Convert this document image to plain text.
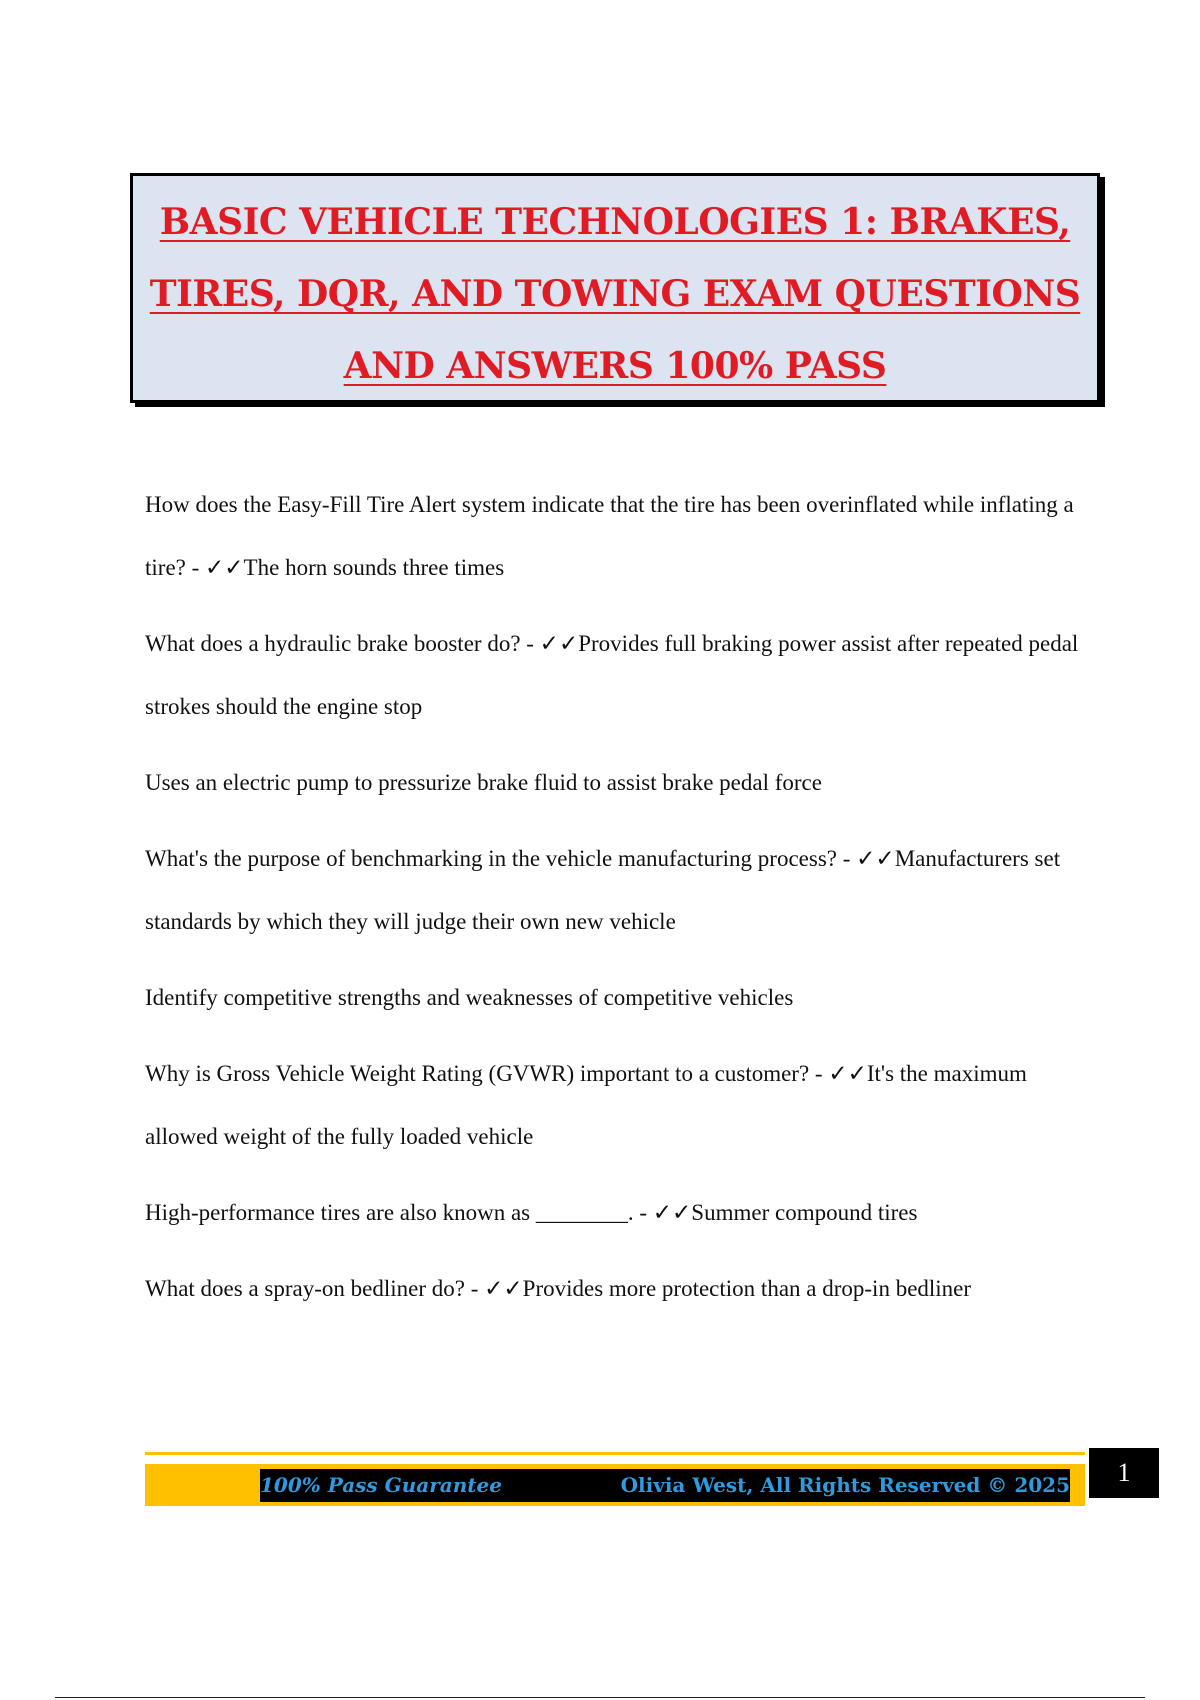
BASIC VEHICLE TECHNOLOGIES 1: BRAKES,
TIRES, DQR, AND TOWING EXAM QUESTIONS
AND ANSWERS 100% PASS

How does the Easy-Fill Tire Alert system indicate that the tire has been overinflated while inflating a tire? - ✓✓The horn sounds three times

What does a hydraulic brake booster do? - ✓✓Provides full braking power assist after repeated pedal strokes should the engine stop

Uses an electric pump to pressurize brake fluid to assist brake pedal force

What's the purpose of benchmarking in the vehicle manufacturing process? - ✓✓Manufacturers set standards by which they will judge their own new vehicle

Identify competitive strengths and weaknesses of competitive vehicles

Why is Gross Vehicle Weight Rating (GVWR) important to a customer? - ✓✓It's the maximum allowed weight of the fully loaded vehicle

High-performance tires are also known as ________. - ✓✓Summer compound tires

What does a spray-on bedliner do? - ✓✓Provides more protection than a drop-in bedliner

100% Pass Guarantee	Olivia West, All Rights Reserved © 2025	1
